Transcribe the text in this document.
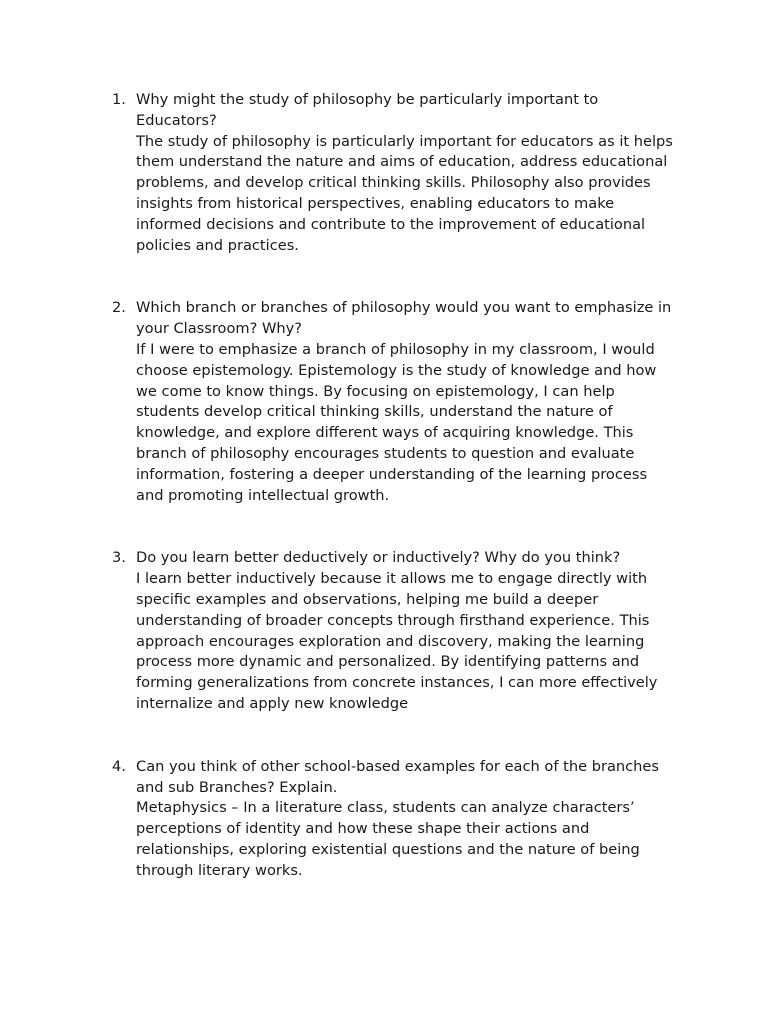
1. Why might the study of philosophy be particularly important to Educators?
The study of philosophy is particularly important for educators as it helps them understand the nature and aims of education, address educational problems, and develop critical thinking skills. Philosophy also provides insights from historical perspectives, enabling educators to make informed decisions and contribute to the improvement of educational policies and practices.
2. Which branch or branches of philosophy would you want to emphasize in your Classroom? Why?
If I were to emphasize a branch of philosophy in my classroom, I would choose epistemology. Epistemology is the study of knowledge and how we come to know things. By focusing on epistemology, I can help students develop critical thinking skills, understand the nature of knowledge, and explore different ways of acquiring knowledge. This branch of philosophy encourages students to question and evaluate information, fostering a deeper understanding of the learning process and promoting intellectual growth.
3. Do you learn better deductively or inductively? Why do you think?
I learn better inductively because it allows me to engage directly with specific examples and observations, helping me build a deeper understanding of broader concepts through firsthand experience. This approach encourages exploration and discovery, making the learning process more dynamic and personalized. By identifying patterns and forming generalizations from concrete instances, I can more effectively internalize and apply new knowledge
4. Can you think of other school-based examples for each of the branches and sub Branches? Explain.
Metaphysics – In a literature class, students can analyze characters’ perceptions of identity and how these shape their actions and relationships, exploring existential questions and the nature of being through literary works.
